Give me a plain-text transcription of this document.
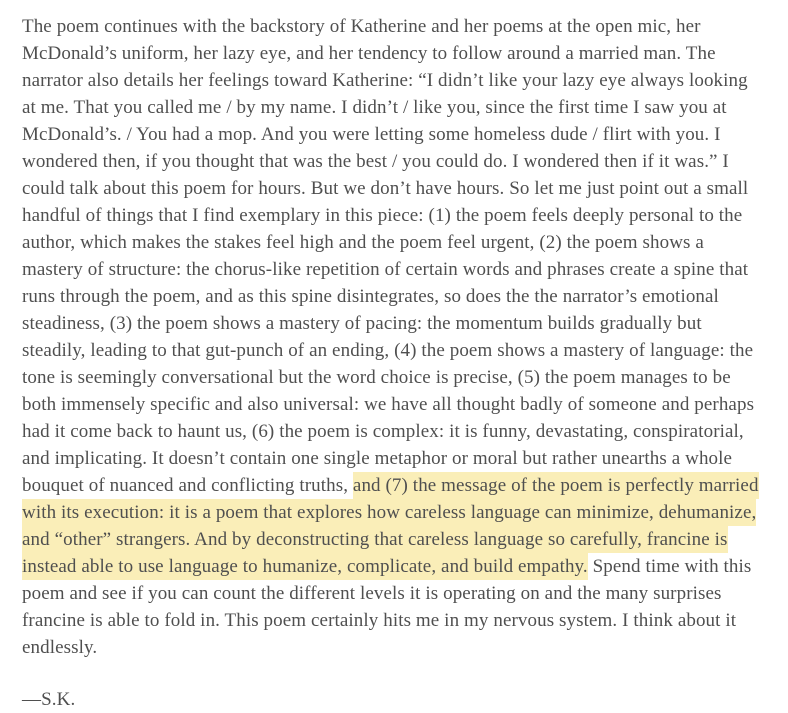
The poem continues with the backstory of Katherine and her poems at the open mic, her McDonald’s uniform, her lazy eye, and her tendency to follow around a married man. The narrator also details her feelings toward Katherine: “I didn’t like your lazy eye always looking at me. That you called me / by my name. I didn’t / like you, since the first time I saw you at McDonald’s. / You had a mop. And you were letting some homeless dude / flirt with you. I wondered then, if you thought that was the best / you could do. I wondered then if it was.” I could talk about this poem for hours. But we don’t have hours. So let me just point out a small handful of things that I find exemplary in this piece: (1) the poem feels deeply personal to the author, which makes the stakes feel high and the poem feel urgent, (2) the poem shows a mastery of structure: the chorus-like repetition of certain words and phrases create a spine that runs through the poem, and as this spine disintegrates, so does the the narrator’s emotional steadiness, (3) the poem shows a mastery of pacing: the momentum builds gradually but steadily, leading to that gut-punch of an ending, (4) the poem shows a mastery of language: the tone is seemingly conversational but the word choice is precise, (5) the poem manages to be both immensely specific and also universal: we have all thought badly of someone and perhaps had it come back to haunt us, (6) the poem is complex: it is funny, devastating, conspiratorial, and implicating. It doesn’t contain one single metaphor or moral but rather unearths a whole bouquet of nuanced and conflicting truths, and (7) the message of the poem is perfectly married with its execution: it is a poem that explores how careless language can minimize, dehumanize, and “other” strangers. And by deconstructing that careless language so carefully, francine is instead able to use language to humanize, complicate, and build empathy. Spend time with this poem and see if you can count the different levels it is operating on and the many surprises francine is able to fold in. This poem certainly hits me in my nervous system. I think about it endlessly.

—S.K.
